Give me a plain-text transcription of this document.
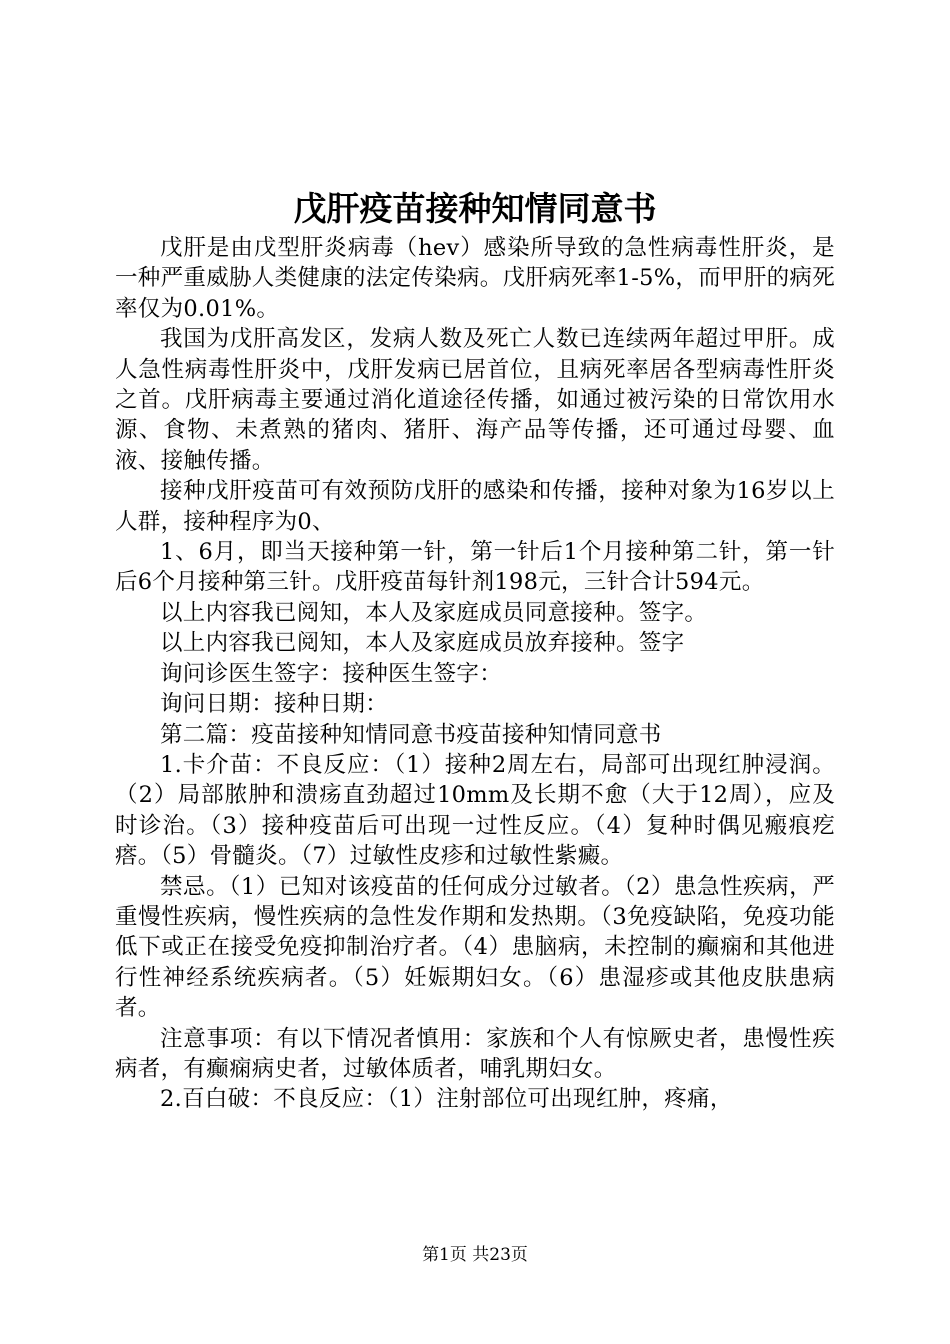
戊肝疫苗接种知情同意书

戊肝是由戊型肝炎病毒（hev）感染所导致的急性病毒性肝炎，是一种严重威胁人类健康的法定传染病。戊肝病死率1-5%，而甲肝的病死率仅为0.01%。

我国为戊肝高发区，发病人数及死亡人数已连续两年超过甲肝。成人急性病毒性肝炎中，戊肝发病已居首位，且病死率居各型病毒性肝炎之首。戊肝病毒主要通过消化道途径传播，如通过被污染的日常饮用水源、食物、未煮熟的猪肉、猪肝、海产品等传播，还可通过母婴、血液、接触传播。

接种戊肝疫苗可有效预防戊肝的感染和传播，接种对象为16岁以上人群，接种程序为0、

1、6月，即当天接种第一针，第一针后1个月接种第二针，第一针后6个月接种第三针。戊肝疫苗每针剂198元，三针合计594元。

以上内容我已阅知，本人及家庭成员同意接种。签字。

以上内容我已阅知，本人及家庭成员放弃接种。签字

询问诊医生签字：接种医生签字：

询问日期：接种日期：

第二篇：疫苗接种知情同意书疫苗接种知情同意书

1.卡介苗：不良反应：（1）接种2周左右，局部可出现红肿浸润。（2）局部脓肿和溃疡直劲超过10mm及长期不愈（大于12周），应及时诊治。（3）接种疫苗后可出现一过性反应。（4）复种时偶见瘢痕疙瘩。（5）骨髓炎。（7）过敏性皮疹和过敏性紫癜。

禁忌。（1）已知对该疫苗的任何成分过敏者。（2）患急性疾病，严重慢性疾病，慢性疾病的急性发作期和发热期。（3免疫缺陷，免疫功能低下或正在接受免疫抑制治疗者。（4）患脑病，未控制的癫痫和其他进行性神经系统疾病者。（5）妊娠期妇女。（6）患湿疹或其他皮肤患病者。

注意事项：有以下情况者慎用：家族和个人有惊厥史者，患慢性疾病者，有癫痫病史者，过敏体质者，哺乳期妇女。

2.百白破：不良反应：（1）注射部位可出现红肿，疼痛，

第1页 共23页
